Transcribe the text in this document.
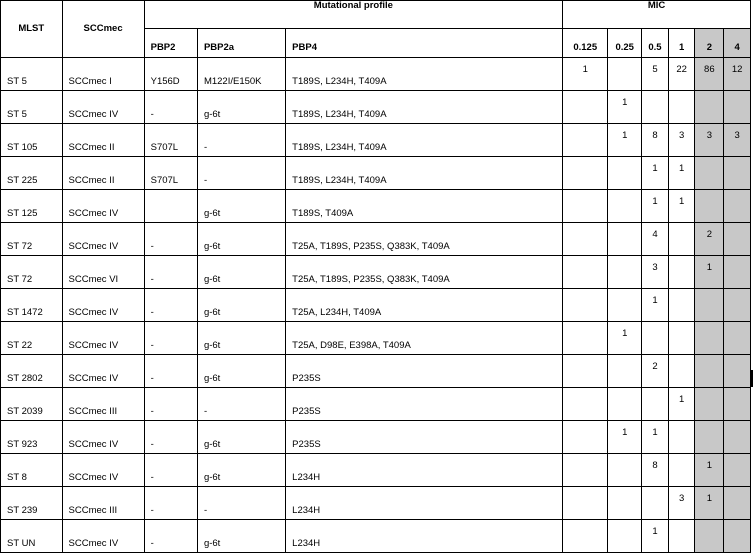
MLST	SCCmec	Mutational profile			MIC					
		PBP2	PBP2a	PBP4	0.125	0.25	0.5	1	2	4
ST 5	SCCmec I	Y156D	M122I/E150K	T189S, L234H, T409A	1		5	22	86	12
ST 5	SCCmec IV	-	g-6t	T189S, L234H, T409A		1				
ST 105	SCCmec II	S707L	-	T189S, L234H, T409A		1	8	3	3	3
ST 225	SCCmec II	S707L	-	T189S, L234H, T409A			1	1		
ST 125	SCCmec IV		g-6t	T189S, T409A			1	1		
ST 72	SCCmec IV	-	g-6t	T25A, T189S, P235S, Q383K, T409A			4		2	
ST 72	SCCmec VI	-	g-6t	T25A, T189S, P235S, Q383K, T409A			3		1	
ST 1472	SCCmec IV	-	g-6t	T25A, L234H, T409A			1			
ST 22	SCCmec IV	-	g-6t	T25A, D98E, E398A, T409A		1				
ST 2802	SCCmec IV	-	g-6t	P235S			2			
ST 2039	SCCmec III	-	-	P235S				1		
ST 923	SCCmec IV	-	g-6t	P235S		1	1			
ST 8	SCCmec IV	-	g-6t	L234H			8		1	
ST 239	SCCmec III	-	-	L234H				3	1	
ST UN	SCCmec IV	-	g-6t	L234H			1			
